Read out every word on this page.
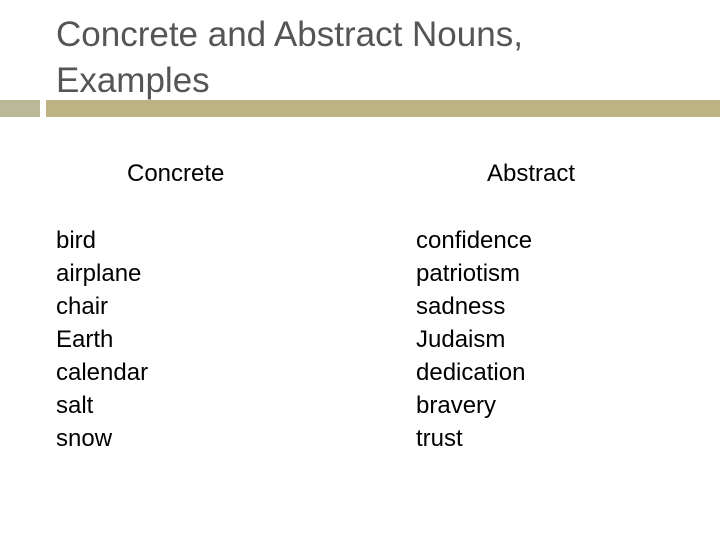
Concrete and Abstract Nouns, Examples
Concrete	Abstract
bird
airplane
chair
Earth
calendar
salt
snow
confidence
patriotism
sadness
Judaism
dedication
bravery
trust
